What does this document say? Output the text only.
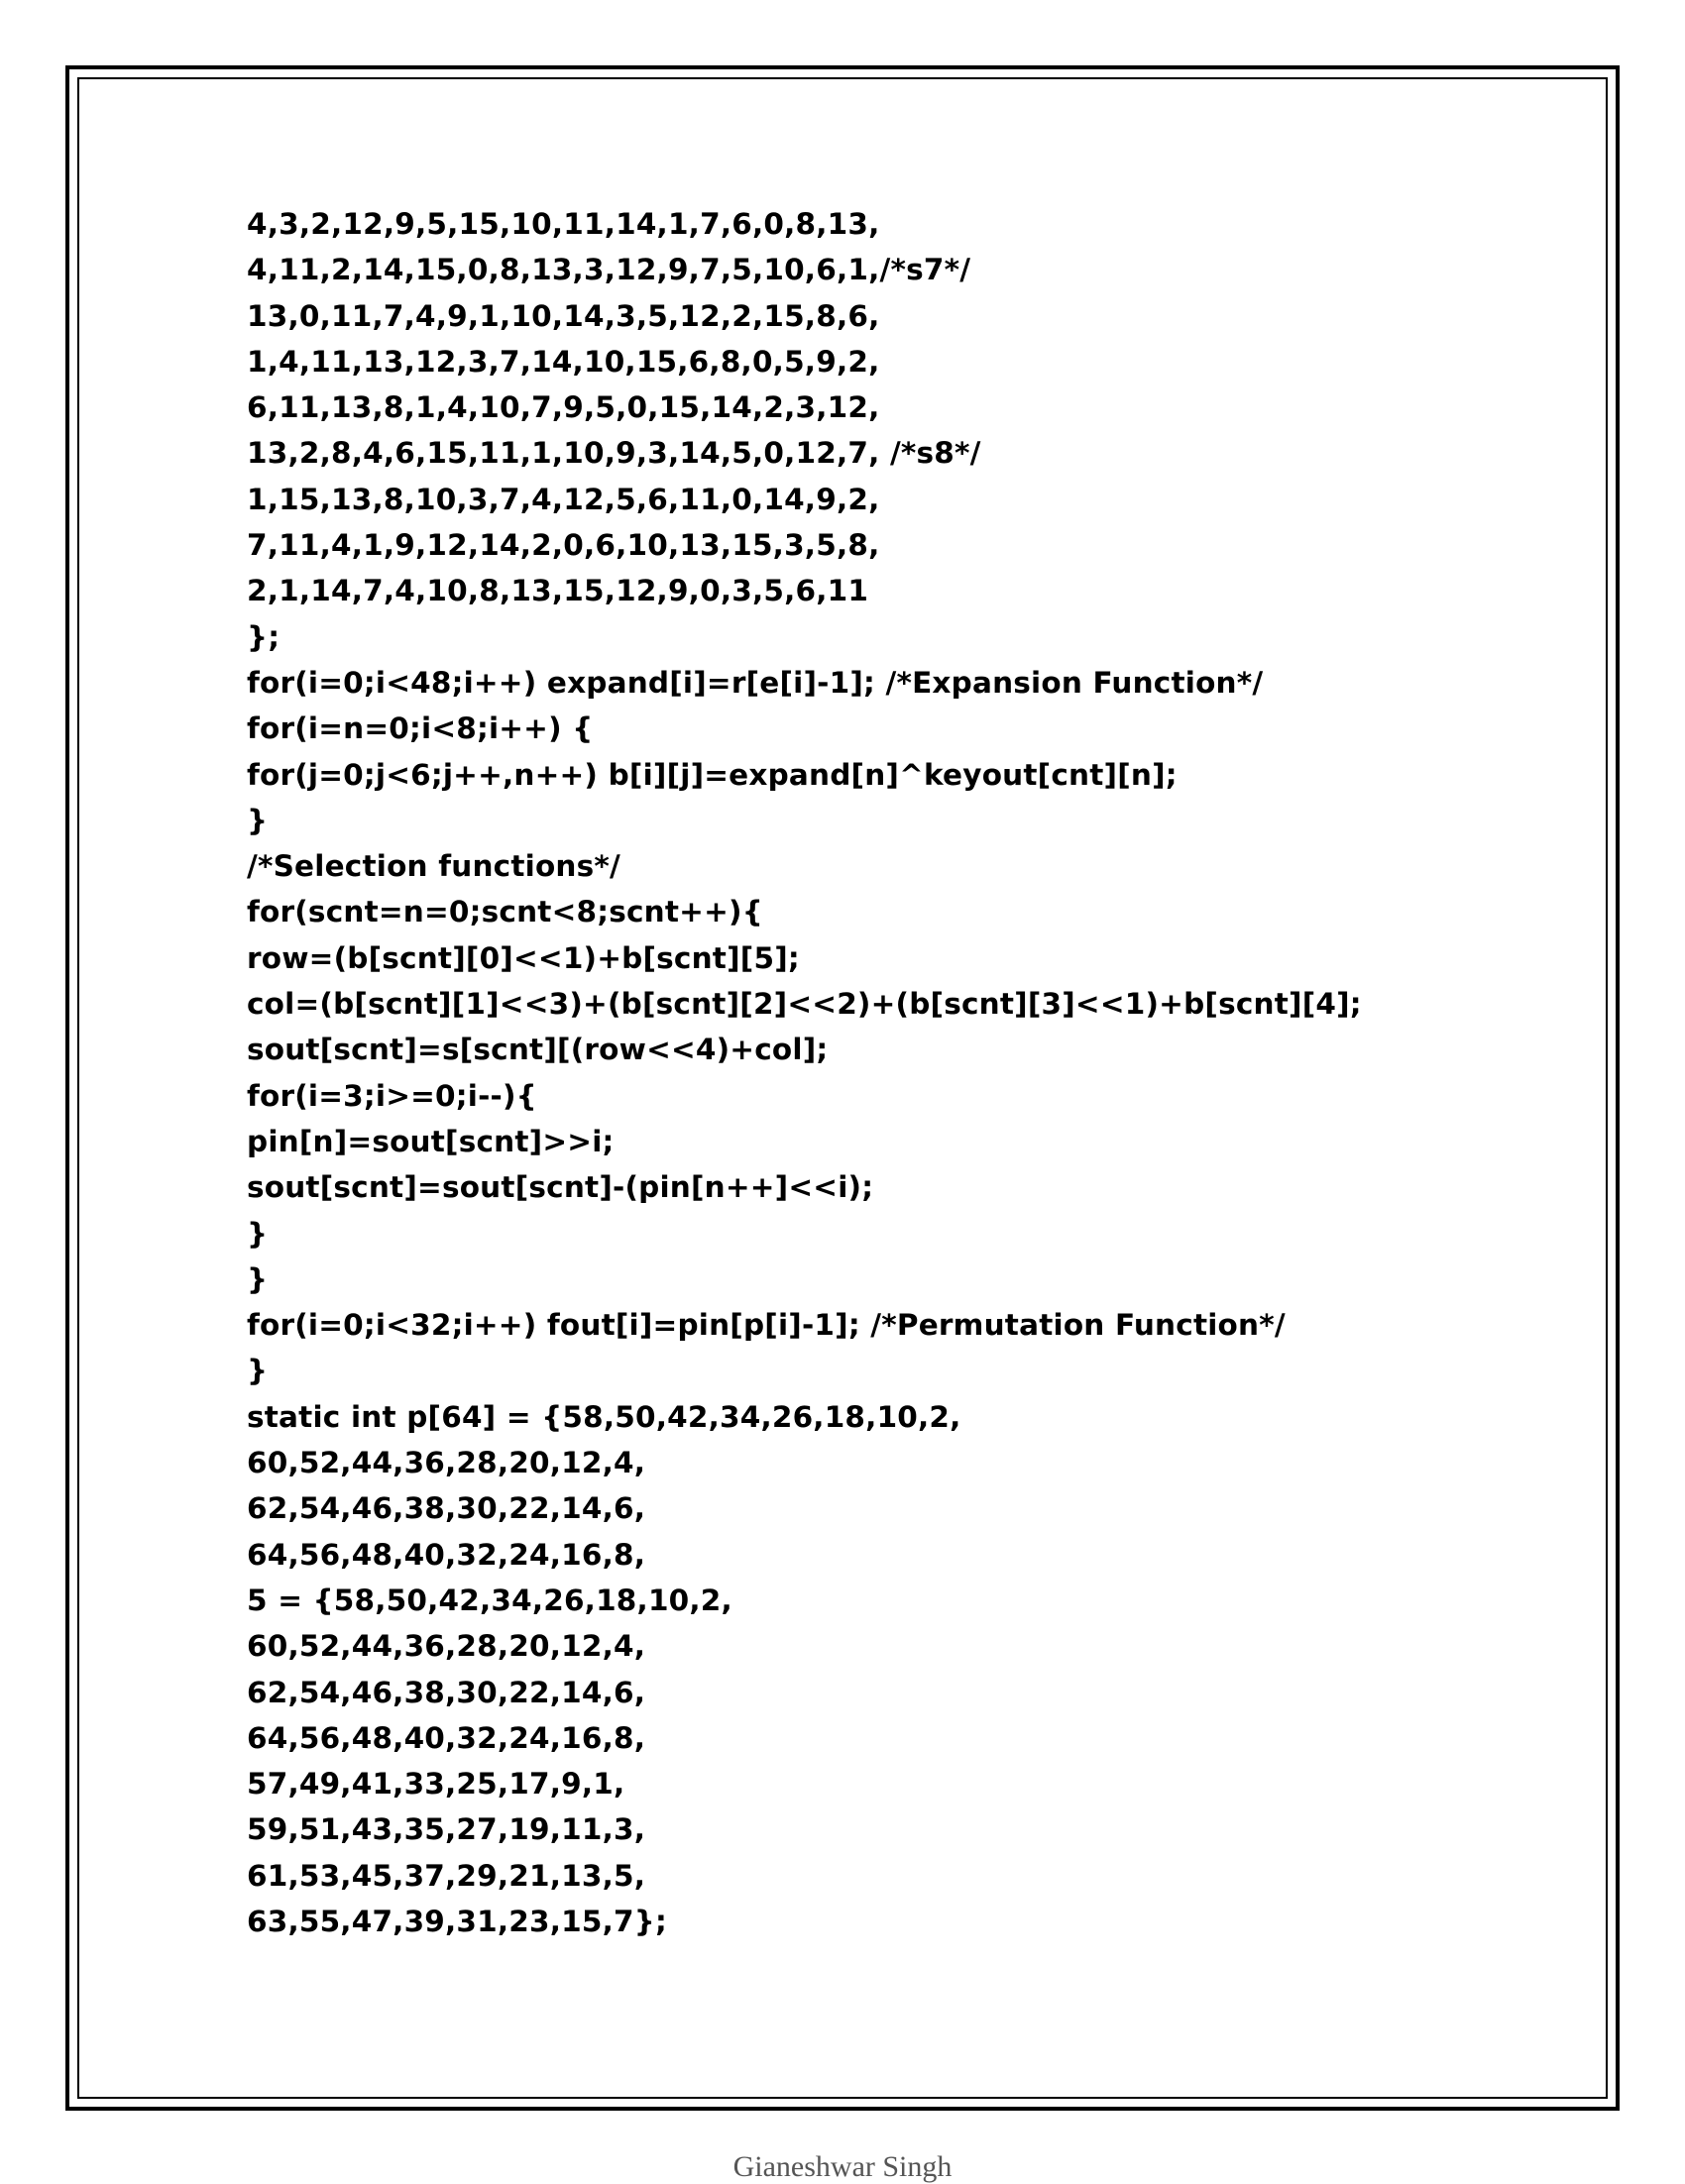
4,3,2,12,9,5,15,10,11,14,1,7,6,0,8,13,
4,11,2,14,15,0,8,13,3,12,9,7,5,10,6,1,/*s7*/
13,0,11,7,4,9,1,10,14,3,5,12,2,15,8,6,
1,4,11,13,12,3,7,14,10,15,6,8,0,5,9,2,
6,11,13,8,1,4,10,7,9,5,0,15,14,2,3,12,
13,2,8,4,6,15,11,1,10,9,3,14,5,0,12,7, /*s8*/
1,15,13,8,10,3,7,4,12,5,6,11,0,14,9,2,
7,11,4,1,9,12,14,2,0,6,10,13,15,3,5,8,
2,1,14,7,4,10,8,13,15,12,9,0,3,5,6,11
};
for(i=0;i<48;i++) expand[i]=r[e[i]-1]; /*Expansion Function*/
for(i=n=0;i<8;i++) {
for(j=0;j<6;j++,n++) b[i][j]=expand[n]^keyout[cnt][n];
}
/*Selection functions*/
for(scnt=n=0;scnt<8;scnt++){
row=(b[scnt][0]<<1)+b[scnt][5];
col=(b[scnt][1]<<3)+(b[scnt][2]<<2)+(b[scnt][3]<<1)+b[scnt][4];
sout[scnt]=s[scnt][(row<<4)+col];
for(i=3;i>=0;i--){
pin[n]=sout[scnt]>>i;
sout[scnt]=sout[scnt]-(pin[n++]<<i);
}
}
for(i=0;i<32;i++) fout[i]=pin[p[i]-1]; /*Permutation Function*/
}
static int p[64] = {58,50,42,34,26,18,10,2,
60,52,44,36,28,20,12,4,
62,54,46,38,30,22,14,6,
64,56,48,40,32,24,16,8,
5 = {58,50,42,34,26,18,10,2,
60,52,44,36,28,20,12,4,
62,54,46,38,30,22,14,6,
64,56,48,40,32,24,16,8,
57,49,41,33,25,17,9,1,
59,51,43,35,27,19,11,3,
61,53,45,37,29,21,13,5,
63,55,47,39,31,23,15,7};
Gianeshwar Singh
